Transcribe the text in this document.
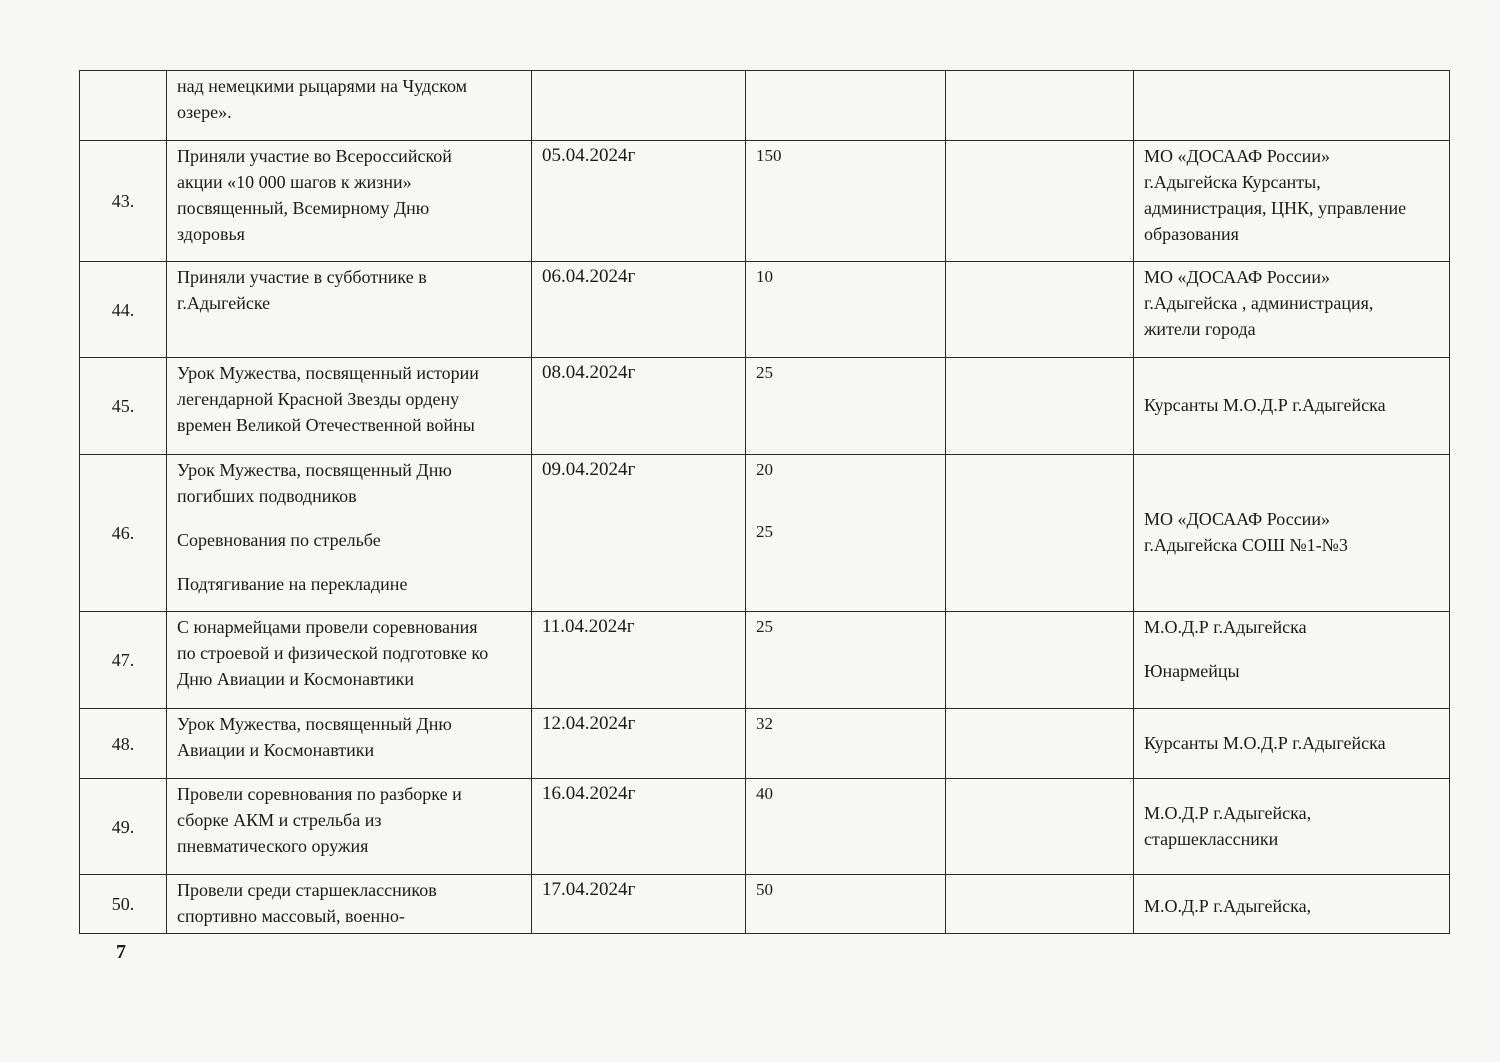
	над немецкими рыцарями на Чудском
озере».				

43.	Приняли участие во Всероссийской
акции «10 000 шагов к жизни»
посвященный, Всемирному Дню
здоровья	05.04.2024г	150		МО «ДОСААФ России»
г.Адыгейска Курсанты,
администрация, ЦНК, управление
образования

44.	Приняли участие в субботнике в
г.Адыгейске	06.04.2024г	10		МО «ДОСААФ России»
г.Адыгейска , администрация,
жители города

45.	Урок Мужества, посвященный истории
легендарной Красной Звезды ордену
времен Великой Отечественной войны	08.04.2024г	25		Курсанты М.О.Д.Р г.Адыгейска

46.	Урок Мужества, посвященный Дню
погибших подводников
Соревнования по стрельбе
Подтягивание на перекладине	09.04.2024г	20
25		МО «ДОСААФ России»
г.Адыгейска СОШ №1-№3

47.	С юнармейцами провели соревнования
по строевой и физической подготовке ко
Дню Авиации и Космонавтики	11.04.2024г	25		М.О.Д.Р г.Адыгейска
Юнармейцы

48.	Урок Мужества, посвященный Дню
Авиации и Космонавтики	12.04.2024г	32		Курсанты М.О.Д.Р г.Адыгейска

49.	Провели соревнования по разборке и
сборке АКМ и стрельба из
пневматического оружия	16.04.2024г	40		М.О.Д.Р г.Адыгейска,
старшеклассники

50.	Провели среди старшеклассников
спортивно массовый, военно-	17.04.2024г	50		М.О.Д.Р г.Адыгейска,
7
